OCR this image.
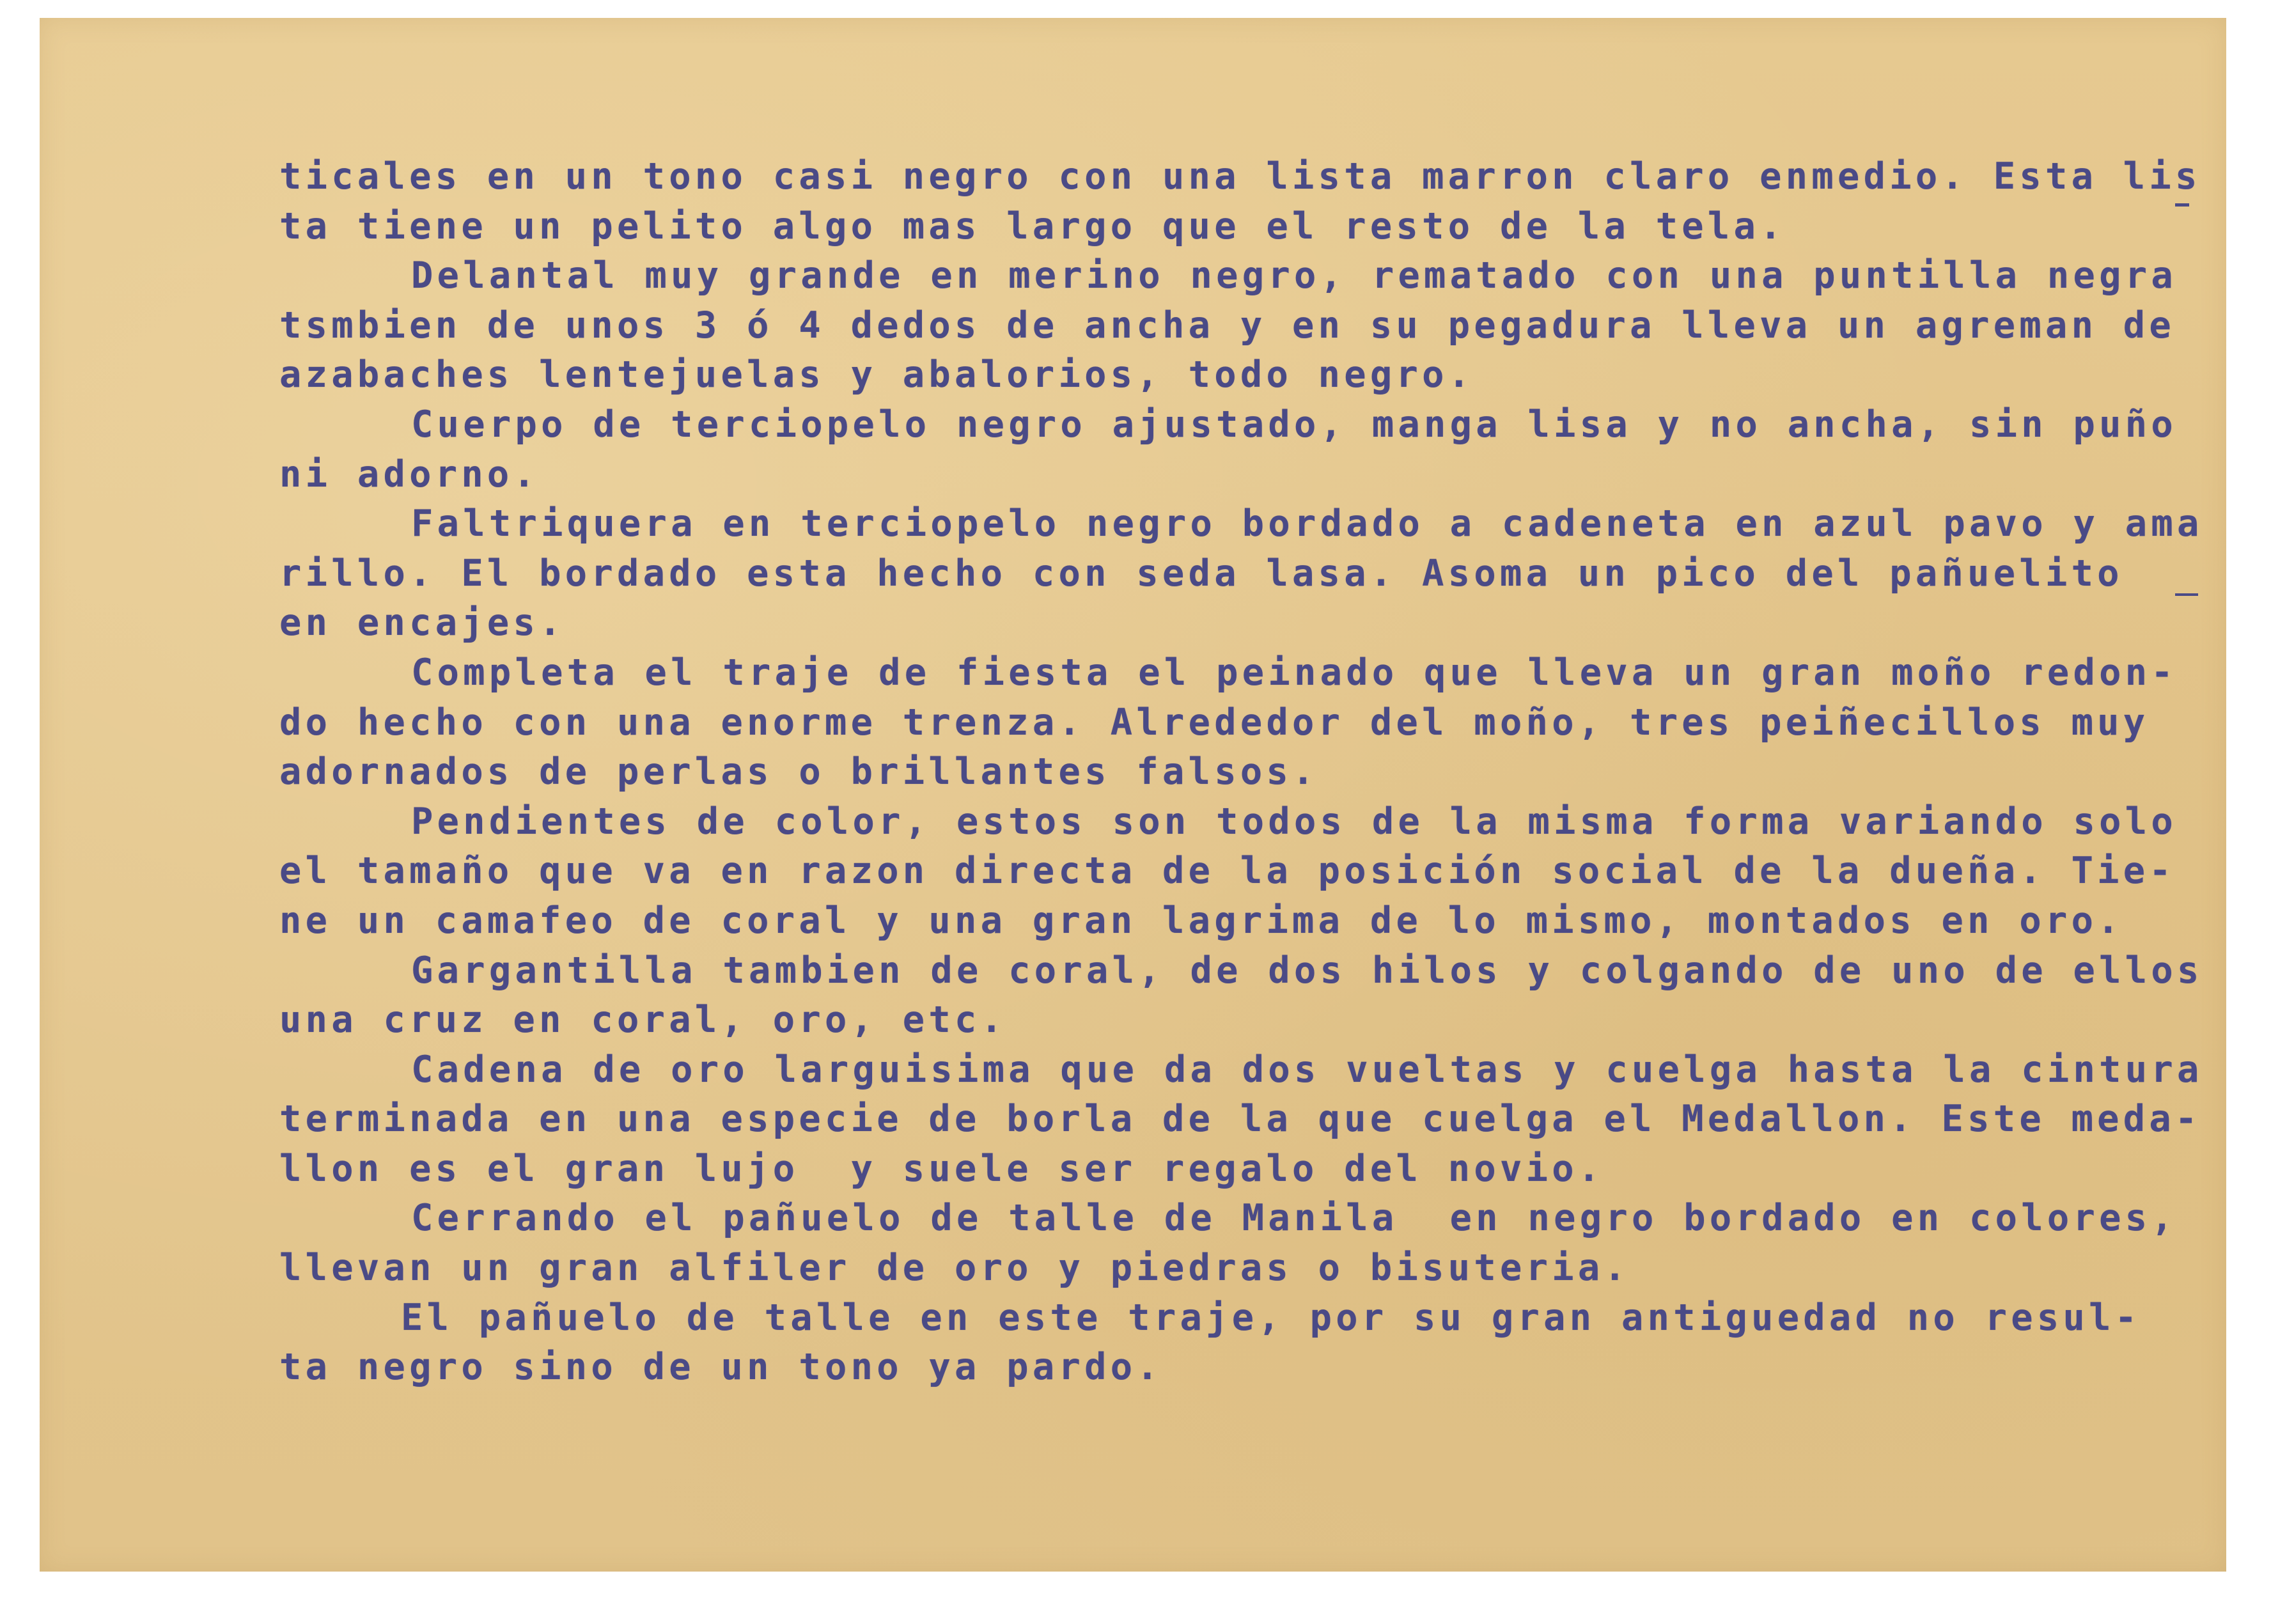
ticales en un tono casi negro con una lista marron claro enmedio. Esta lis
ta tiene un pelito algo mas largo que el resto de la tela.
Delantal muy grande en merino negro, rematado con una puntilla negra
tsmbien de unos 3 ó 4 dedos de ancha y en su pegadura lleva un agreman de
azabaches lentejuelas y abalorios, todo negro.
Cuerpo de terciopelo negro ajustado, manga lisa y no ancha, sin puño
ni adorno.
Faltriquera en terciopelo negro bordado a cadeneta en azul pavo y ama
rillo. El bordado esta hecho con seda lasa. Asoma un pico del pañuelito
en encajes.
Completa el traje de fiesta el peinado que lleva un gran moño redon-
do hecho con una enorme trenza. Alrededor del moño, tres peiñecillos muy
adornados de perlas o brillantes falsos.
Pendientes de color, estos son todos de la misma forma variando solo
el tamaño que va en razon directa de la posición social de la dueña. Tie-
ne un camafeo de coral y una gran lagrima de lo mismo, montados en oro.
Gargantilla tambien de coral, de dos hilos y colgando de uno de ellos
una cruz en coral, oro, etc.
Cadena de oro larguisima que da dos vueltas y cuelga hasta la cintura
terminada en una especie de borla de la que cuelga el Medallon. Este meda-
llon es el gran lujo  y suele ser regalo del novio.
Cerrando el pañuelo de talle de Manila  en negro bordado en colores,
llevan un gran alfiler de oro y piedras o bisuteria.
El pañuelo de talle en este traje, por su gran antiguedad no resul-
ta negro sino de un tono ya pardo.
